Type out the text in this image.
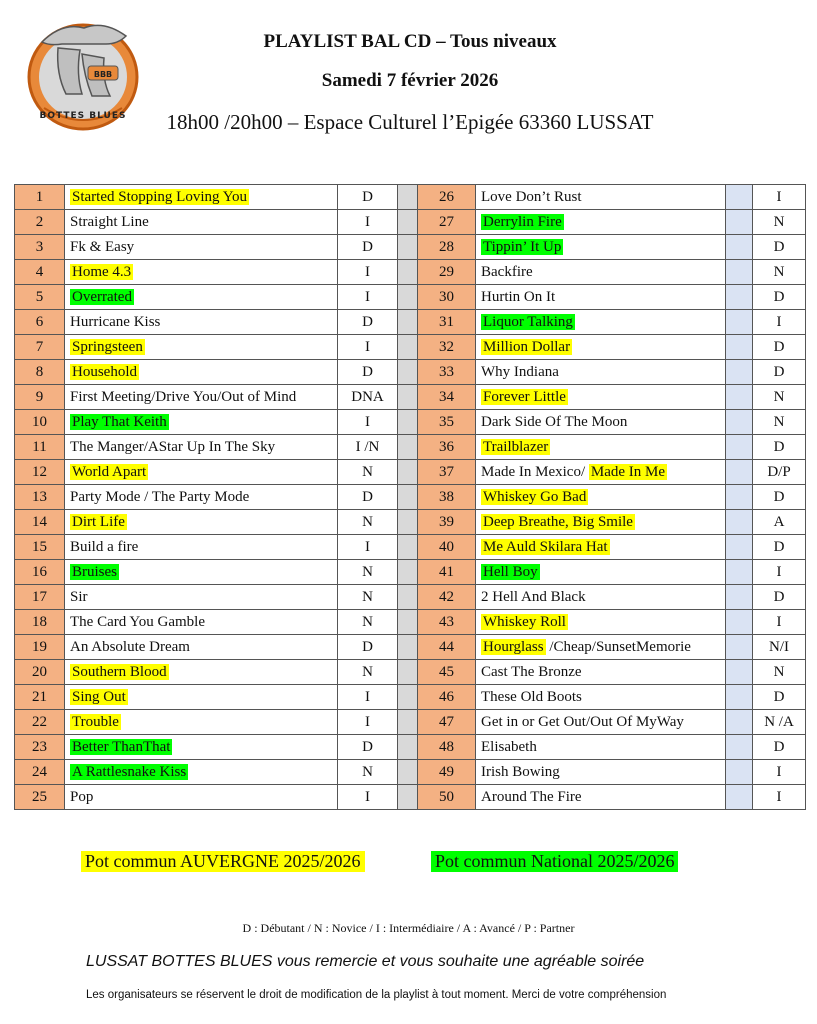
BBB
BOTTES BLUES
PLAYLIST BAL CD – Tous niveaux
Samedi 7 février 2026
18h00 /20h00 – Espace Culturel l’Epigée 63360 LUSSAT
1	Started Stopping Loving You	D		26	Love Don’t Rust		I
2	Straight Line	I		27	Derrylin Fire		N
3	Fk & Easy	D		28	Tippin’ It Up		D
4	Home 4.3	I		29	Backfire		N
5	Overrated	I		30	Hurtin On It		D
6	Hurricane Kiss	D		31	Liquor Talking		I
7	Springsteen	I		32	Million Dollar		D
8	Household	D		33	Why Indiana		D
9	First Meeting/Drive You/Out of Mind	DNA		34	Forever Little		N
10	Play That Keith	I		35	Dark Side Of The Moon		N
11	The Manger/AStar Up In The Sky	I /N		36	Trailblazer		D
12	World Apart	N		37	Made In Mexico/ Made In Me		D/P
13	Party Mode / The Party Mode	D		38	Whiskey Go Bad		D
14	Dirt Life	N		39	Deep Breathe, Big Smile		A
15	Build a fire	I		40	Me Auld Skilara Hat		D
16	Bruises	N		41	Hell Boy		I
17	Sir	N		42	2 Hell And Black		D
18	The Card You Gamble	N		43	Whiskey Roll		I
19	An Absolute Dream	D		44	Hourglass /Cheap/SunsetMemorie		N/I
20	Southern Blood	N		45	Cast The Bronze		N
21	Sing Out	I		46	These Old Boots		D
22	Trouble	I		47	Get in or Get Out/Out Of MyWay		N /A
23	Better ThanThat	D		48	Elisabeth		D
24	A Rattlesnake Kiss	N		49	Irish Bowing		I
25	Pop	I		50	Around The Fire		I
Pot commun AUVERGNE 2025/2026	Pot commun National 2025/2026
D : Débutant / N : Novice / I : Intermédiaire / A : Avancé / P : Partner
LUSSAT BOTTES BLUES vous remercie et vous souhaite une agréable soirée
Les organisateurs se réservent le droit de modification de la playlist à tout moment. Merci de votre compréhension
